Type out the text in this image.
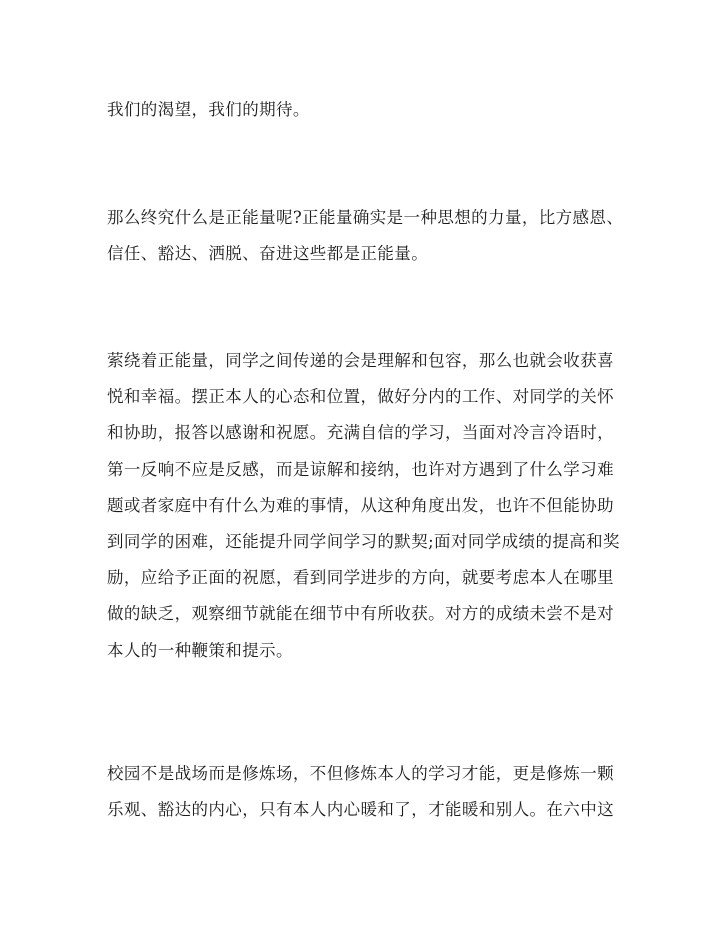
我们的渴望，我们的期待。

那么终究什么是正能量呢?正能量确实是一种思想的力量，比方感恩、
信任、豁达、洒脱、奋进这些都是正能量。

萦绕着正能量，同学之间传递的会是理解和包容，那么也就会收获喜
悦和幸福。摆正本人的心态和位置，做好分内的工作、对同学的关怀
和协助，报答以感谢和祝愿。充满自信的学习，当面对冷言冷语时，
第一反响不应是反感，而是谅解和接纳，也许对方遇到了什么学习难
题或者家庭中有什么为难的事情，从这种角度出发，也许不但能协助
到同学的困难，还能提升同学间学习的默契;面对同学成绩的提高和奖
励，应给予正面的祝愿，看到同学进步的方向，就要考虑本人在哪里
做的缺乏，观察细节就能在细节中有所收获。对方的成绩未尝不是对
本人的一种鞭策和提示。

校园不是战场而是修炼场，不但修炼本人的学习才能，更是修炼一颗
乐观、豁达的内心，只有本人内心暖和了，才能暖和别人。在六中这
